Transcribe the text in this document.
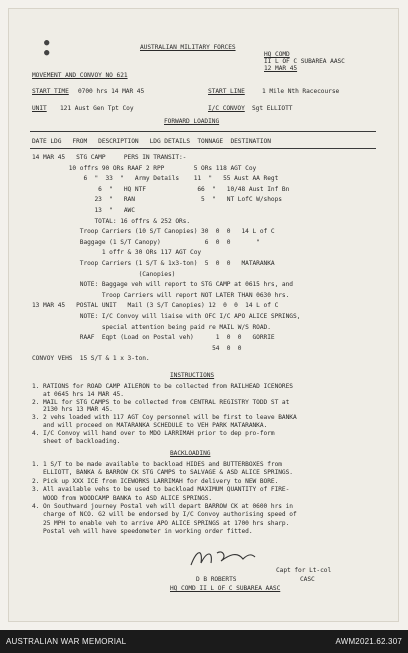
●
●
AUSTRALIAN MILITARY FORCES
HQ COMD
II L OF C SUBAREA AASC
12 MAR 45
MOVEMENT AND CONVOY NO 621
START TIME 0700 hrs 14 MAR 45	START LINE	1 Mile Nth Racecourse
UNIT 121 Aust Gen Tpt Coy	I/C CONVOY Sgt ELLIOTT
FORWARD LOADING
DATE LDG   FROM   DESCRIPTION   LDG DETAILS  TONNAGE  DESTINATION
14 MAR 45   STG CAMP     PERS IN TRANSIT:-
10 offrs 90 ORs RAAF 2 RPP        5 ORs 118 AGT Coy
6  "  33  "   Army Details    11  "   55 Aust AA Regt
6  "   HQ NTF              66  "   10/48 Aust Inf Bn
23  "   RAN                  5  "   NT LofC W/shops
13  "   AWC
TOTAL: 16 offrs & 252 ORs.
Troop Carriers (10 S/T Canopies) 30  0  0   14 L of C
Baggage (1 S/T Canopy)            6  0  0       "
1 offr & 30 ORs 117 AGT Coy
Troop Carriers (1 S/T & 1x3-ton)  5  0  0   MATARANKA
(Canopies)
NOTE: Baggage veh will report to STG CAMP at 0615 hrs, and
Troop Carriers will report NOT LATER THAN 0630 hrs.
13 MAR 45   POSTAL UNIT   Mail (3 S/T Canopies) 12  0  0  14 L of C
NOTE: I/C Convoy will liaise with OFC I/C APO ALICE SPRINGS,
special attention being paid re MAIL W/S ROAD.
RAAF  Eqpt (Load on Postal veh)      1  0  0   GORRIE
54  0  0
CONVOY VEHS  15 S/T & 1 x 3-ton.
INSTRUCTIONS
1. RATIONS for ROAD CAMP AILERON to be collected from RAILHEAD ICENORES
at 0645 hrs 14 MAR 45.
2. MAIL for STG CAMPS to be collected from CENTRAL REGISTRY TODD ST at
2130 hrs 13 MAR 45.
3. 2 vehs loaded with 117 AGT Coy personnel will be first to leave BANKA
and will proceed on MATARANKA SCHEDULE to VEH PARK MATARANKA.
4. I/C Convoy will hand over to MDO LARRIMAH prior to dep pro-form
sheet of backloading.
BACKLOADING
1. 1 S/T to be made available to backload HIDES and BUTTERBOXES from
ELLIOTT, BANKA & BARROW CK STG CAMPS to SALVAGE & ASD ALICE SPRINGS.
2. Pick up XXX ICE from ICEWORKS LARRIMAH for delivery to NEW BORE.
3. All available vehs to be used to backload MAXIMUM QUANTITY of FIRE-
WOOD from WOODCAMP BANKA to ASD ALICE SPRINGS.
4. On Southward journey Postal veh will depart BARROW CK at 0600 hrs in
charge of NCO. G2 will be endorsed by I/C Convoy authorising speed of
25 MPH to enable veh to arrive APO ALICE SPRINGS at 1700 hrs sharp.
Postal veh will have speedometer in working order fitted.
Capt for Lt-col
D B ROBERTS	CASC
HQ COMD II L OF C SUBAREA AASC
AUSTRALIAN WAR MEMORIAL	AWM2021.62.307
